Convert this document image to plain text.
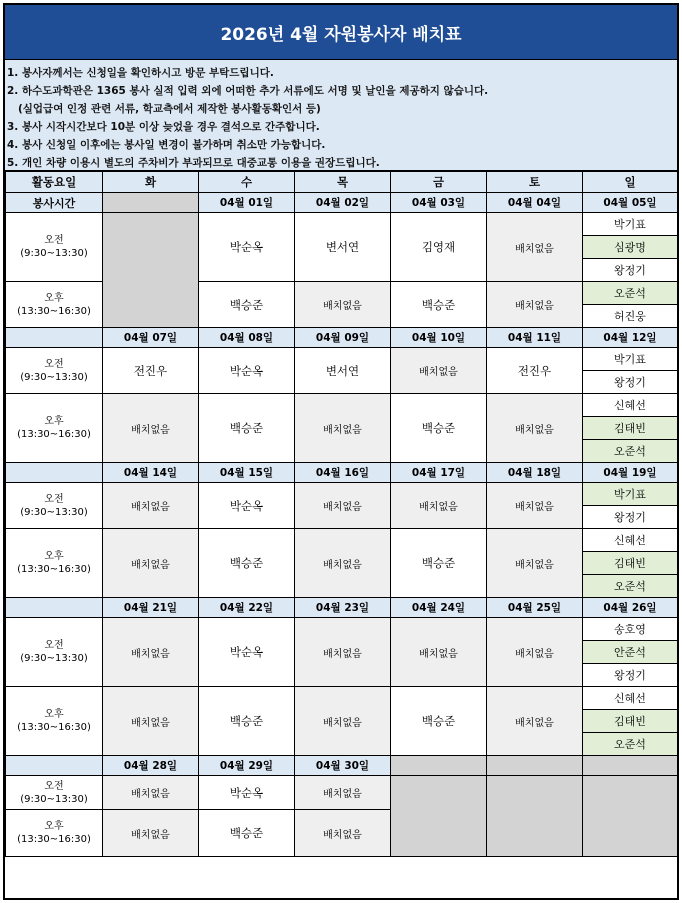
2026년 4월 자원봉사자 배치표
1. 봉사자께서는 신청일을 확인하시고 방문 부탁드립니다.
2. 하수도과학관은 1365 봉사 실적 입력 외에 어떠한 추가 서류에도 서명 및 날인을 제공하지 않습니다.
(실업급여 인정 관련 서류, 학교측에서 제작한 봉사활동확인서 등)
3. 봉사 시작시간보다 10분 이상 늦었을 경우 결석으로 간주합니다.
4. 봉사 신청일 이후에는 봉사일 변경이 불가하며 취소만 가능합니다.
5. 개인 차량 이용시 별도의 주차비가 부과되므로 대중교통 이용을 권장드립니다.
활동요일	화	수	목	금	토	일
봉사시간		04월 01일	04월 02일	04월 03일	04월 04일	04월 05일
오전
(9:30~13:30)		박순옥	변서연	김영재	배치없음	박기표
						심광명
						왕정기
오후
(13:30~16:30)		백승준	배치없음	백승준	배치없음	오준석
						허진웅
	04월 07일	04월 08일	04월 09일	04월 10일	04월 11일	04월 12일
오전
(9:30~13:30)	전진우	박순옥	변서연	배치없음	전진우	박기표
						왕정기
오후
(13:30~16:30)	배치없음	백승준	배치없음	백승준	배치없음	신혜선
						김태빈
						오준석
	04월 14일	04월 15일	04월 16일	04월 17일	04월 18일	04월 19일
오전
(9:30~13:30)	배치없음	박순옥	배치없음	배치없음	배치없음	박기표
						왕정기
오후
(13:30~16:30)	배치없음	백승준	배치없음	백승준	배치없음	신혜선
						김태빈
						오준석
	04월 21일	04월 22일	04월 23일	04월 24일	04월 25일	04월 26일
오전
(9:30~13:30)	배치없음	박순옥	배치없음	배치없음	배치없음	송호영
						안준석
						왕정기
오후
(13:30~16:30)	배치없음	백승준	배치없음	백승준	배치없음	신혜선
						김태빈
						오준석
	04월 28일	04월 29일	04월 30일			
오전
(9:30~13:30)	배치없음	박순옥	배치없음			
오후
(13:30~16:30)	배치없음	백승준	배치없음			
